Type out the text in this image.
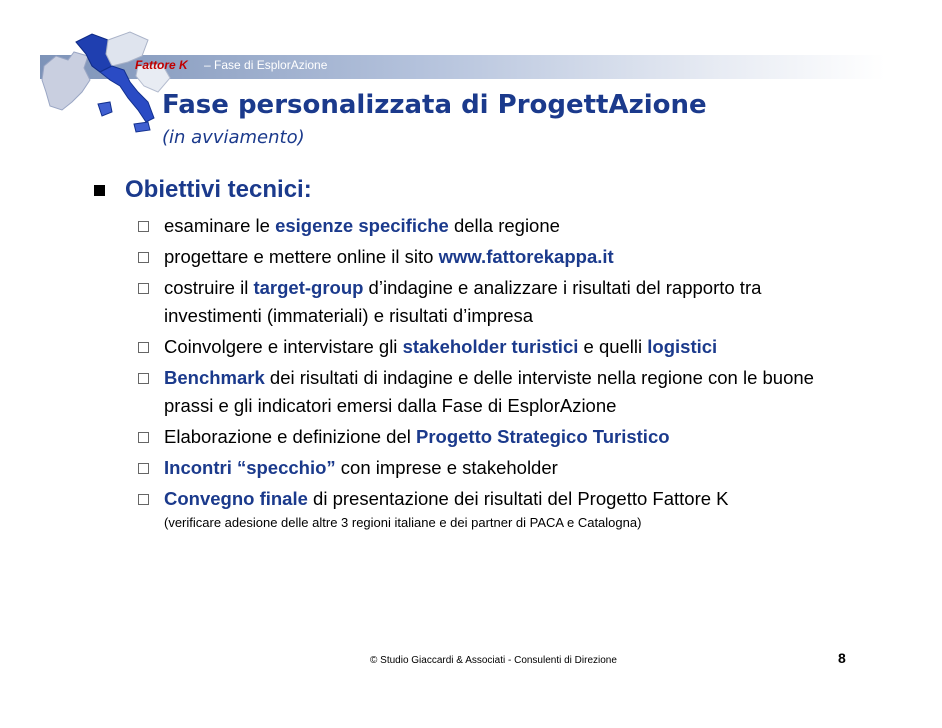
Fattore K – Fase di EsplorAzione
Fase personalizzata di ProgettAzione
(in avviamento)
Obiettivi tecnici:
esaminare le esigenze specifiche della regione
progettare e mettere online il sito www.fattorekappa.it
costruire il target-group d’indagine e analizzare i risultati del rapporto tra investimenti (immateriali) e risultati d’impresa
Coinvolgere e intervistare gli stakeholder turistici e quelli logistici
Benchmark dei risultati di indagine e delle interviste nella regione con le buone prassi e gli indicatori emersi dalla Fase di EsplorAzione
Elaborazione e definizione del Progetto Strategico Turistico
Incontri “specchio” con imprese e stakeholder
Convegno finale di presentazione dei risultati del Progetto Fattore K
(verificare adesione delle altre 3 regioni italiane e dei partner di PACA e Catalogna)
© Studio Giaccardi & Associati - Consulenti di Direzione	8
